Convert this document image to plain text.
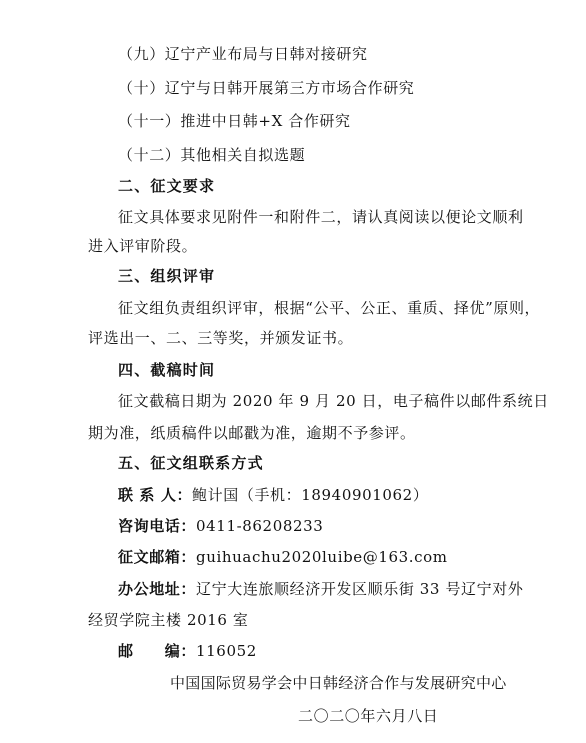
（九）辽宁产业布局与日韩对接研究
（十）辽宁与日韩开展第三方市场合作研究
（十一）推进中日韩+X 合作研究
（十二）其他相关自拟选题
二、征文要求
征文具体要求见附件一和附件二，请认真阅读以便论文顺利
进入评审阶段。
三、组织评审
征文组负责组织评审，根据“公平、公正、重质、择优”原则，
评选出一、二、三等奖，并颁发证书。
四、截稿时间
征文截稿日期为 2020 年 9 月 20 日，电子稿件以邮件系统日
期为准，纸质稿件以邮戳为准，逾期不予参评。
五、征文组联系方式
联 系 人：鲍计国（手机：18940901062）
咨询电话：0411-86208233
征文邮箱：guihuachu2020luibe@163.com
办公地址：辽宁大连旅顺经济开发区顺乐街 33 号辽宁对外
经贸学院主楼 2016 室
邮　　编：116052
中国国际贸易学会中日韩经济合作与发展研究中心
二〇二〇年六月八日
